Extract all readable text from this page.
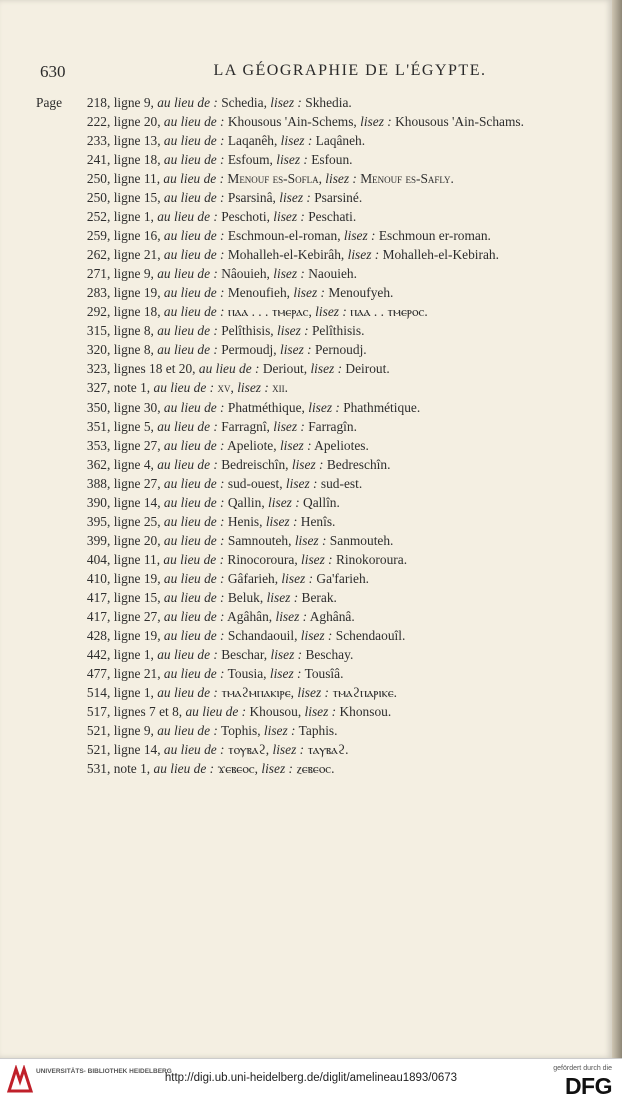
630	LA GÉOGRAPHIE DE L'ÉGYPTE.
Page 218, ligne 9, au lieu de : Schedia, lisez : Skhedia.
222, ligne 20, au lieu de : Khousous 'Ain-Schems, lisez : Khousous 'Ain-Schams.
233, ligne 13, au lieu de : Laqanêh, lisez : Laqâneh.
241, ligne 18, au lieu de : Esfoum, lisez : Esfoun.
250, ligne 11, au lieu de : Menouf es-Sofla, lisez : Menouf es-Safly.
250, ligne 15, au lieu de : Psarsinâ, lisez : Psarsiné.
252, ligne 1, au lieu de : Peschoti, lisez : Peschati.
259, ligne 16, au lieu de : Eschmoun-el-roman, lisez : Eschmoun er-roman.
262, ligne 21, au lieu de : Mohalleh-el-Kebirâh, lisez : Mohalleh-el-Kebirah.
271, ligne 9, au lieu de : Nâouieh, lisez : Naouieh.
283, ligne 19, au lieu de : Menoufieh, lisez : Menoufyeh.
292, ligne 18, au lieu de : ⲡⲁⲁ . . . ⲧⲙⲉⲣⲁⲥ, lisez : ⲡⲁⲁ . . ⲧⲙⲉⲣⲟⲥ.
315, ligne 8, au lieu de : Pelîthisis, lisez : Pelîthisis.
320, ligne 8, au lieu de : Permoudj, lisez : Pernoudj.
323, lignes 18 et 20, au lieu de : Deriout, lisez : Deirout.
327, note 1, au lieu de : xv, lisez : xii.
350, ligne 30, au lieu de : Phatméthique, lisez : Phathmétique.
351, ligne 5, au lieu de : Farragnî, lisez : Farragîn.
353, ligne 27, au lieu de : Apeliote, lisez : Apeliotes.
362, ligne 4, au lieu de : Bedreischîn, lisez : Bedreschîn.
388, ligne 27, au lieu de : sud-ouest, lisez : sud-est.
390, ligne 14, au lieu de : Qallin, lisez : Qallîn.
395, ligne 25, au lieu de : Henis, lisez : Henîs.
399, ligne 20, au lieu de : Samnouteh, lisez : Sanmouteh.
404, ligne 11, au lieu de : Rinocoroura, lisez : Rinokoroura.
410, ligne 19, au lieu de : Gâfarieh, lisez : Ga'farieh.
417, ligne 15, au lieu de : Beluk, lisez : Berak.
417, ligne 27, au lieu de : Agâhân, lisez : Aghânâ.
428, ligne 19, au lieu de : Schandaouil, lisez : Schendaouîl.
442, ligne 1, au lieu de : Beschar, lisez : Beschay.
477, ligne 21, au lieu de : Tousia, lisez : Tousîâ.
514, ligne 1, au lieu de : ⲧⲙⲁϩⲙⲡⲁⲕⲓⲣⲉ, lisez : ⲧⲙⲁϩⲡⲁⲣⲓⲕⲉ.
517, lignes 7 et 8, au lieu de : Khousou, lisez : Khonsou.
521, ligne 9, au lieu de : Tophis, lisez : Taphis.
521, ligne 14, au lieu de : ⲧⲟⲩⲃⲁϩ, lisez : ⲧⲁⲩⲃⲁϩ.
531, note 1, au lieu de : ϫⲉⲃⲉⲟⲥ, lisez : ⲍⲉⲃⲉⲟⲥ.
UNIVERSITÄTS- BIBLIOTHEK HEIDELBERG
http://digi.ub.uni-heidelberg.de/diglit/amelineau1893/0673
gefördert durch die
DFG
